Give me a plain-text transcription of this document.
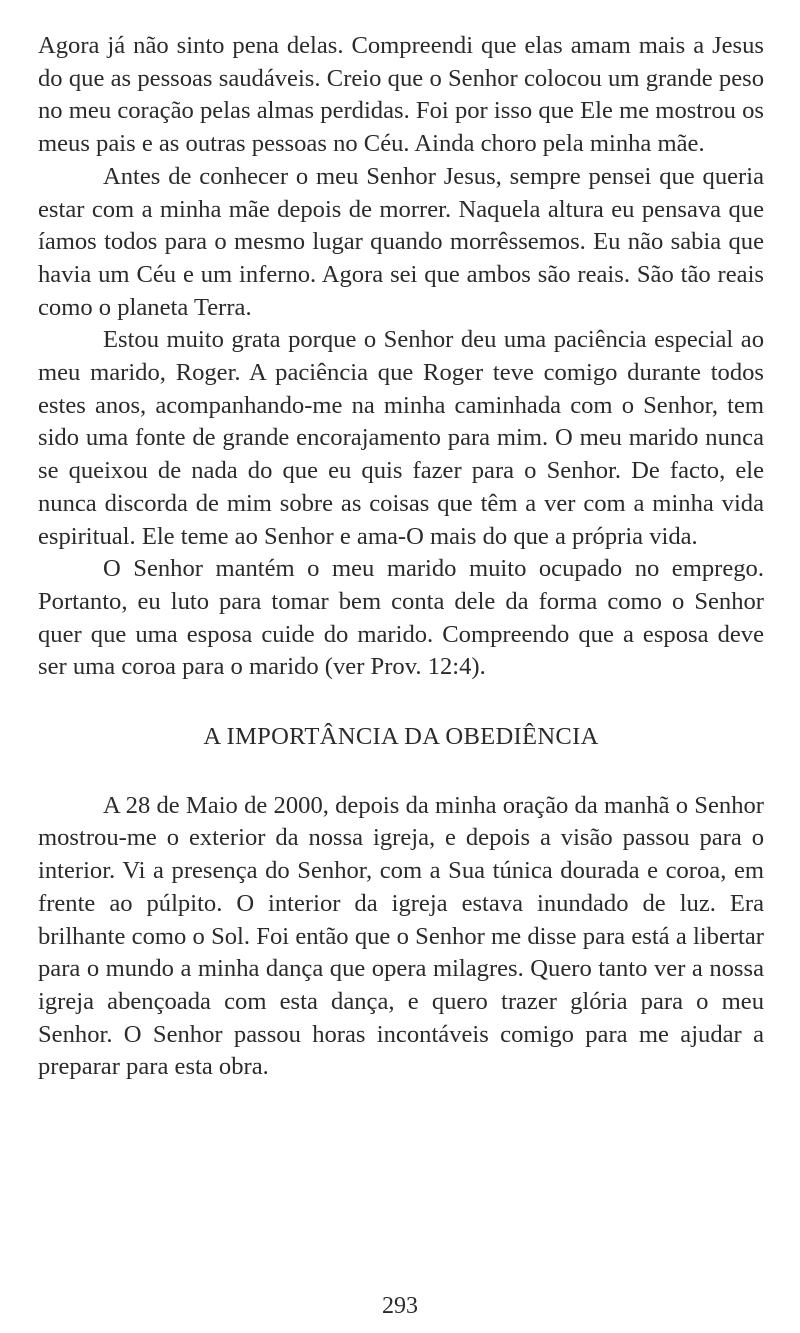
Agora já não sinto pena delas. Compreendi que elas amam mais a Jesus do que as pessoas saudáveis. Creio que o Senhor colocou um grande peso no meu coração pelas almas perdidas. Foi por isso que Ele me mostrou os meus pais e as outras pessoas no Céu. Ainda choro pela minha mãe.

Antes de conhecer o meu Senhor Jesus, sempre pensei que queria estar com a minha mãe depois de morrer. Naquela altura eu pensava que íamos todos para o mesmo lugar quando morrêssemos. Eu não sabia que havia um Céu e um inferno. Agora sei que ambos são reais. São tão reais como o planeta Terra.

Estou muito grata porque o Senhor deu uma paciência especial ao meu marido, Roger. A paciência que Roger teve comigo durante todos estes anos, acompanhando-me na minha caminhada com o Senhor, tem sido uma fonte de grande encorajamento para mim. O meu marido nunca se queixou de nada do que eu quis fazer para o Senhor. De facto, ele nunca discorda de mim sobre as coisas que têm a ver com a minha vida espiritual. Ele teme ao Senhor e ama-O mais do que a própria vida.

O Senhor mantém o meu marido muito ocupado no emprego. Portanto, eu luto para tomar bem conta dele da forma como o Senhor quer que uma esposa cuide do marido. Compreendo que a esposa deve ser uma coroa para o marido (ver Prov. 12:4).

A IMPORTÂNCIA DA OBEDIÊNCIA

A 28 de Maio de 2000, depois da minha oração da manhã o Senhor mostrou-me o exterior da nossa igreja, e depois a visão passou para o interior. Vi a presença do Senhor, com a Sua túnica dourada e coroa, em frente ao púlpito. O interior da igreja estava inundado de luz. Era brilhante como o Sol. Foi então que o Senhor me disse para está a libertar para o mundo a minha dança que opera milagres. Quero tanto ver a nossa igreja abençoada com esta dança, e quero trazer glória para o meu Senhor. O Senhor passou horas incontáveis comigo para me ajudar a preparar para esta obra.

293
